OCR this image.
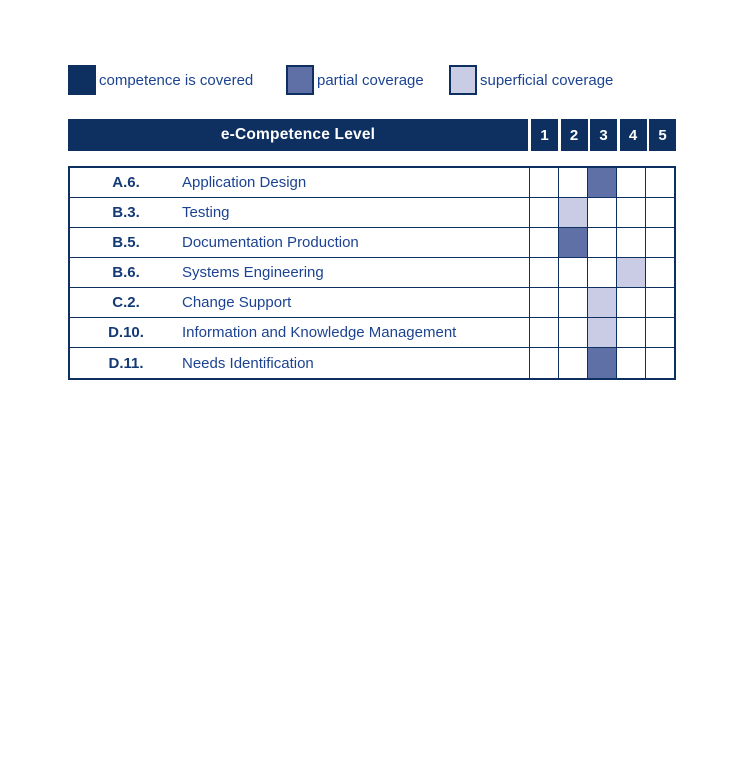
competence is covered	partial coverage	superficial coverage
e-Competence Level	1	2	3	4	5
A.6.	Application Design
B.3.	Testing
B.5.	Documentation Production
B.6.	Systems Engineering
C.2.	Change Support
D.10.	Information and Knowledge Management
D.11.	Needs Identification
